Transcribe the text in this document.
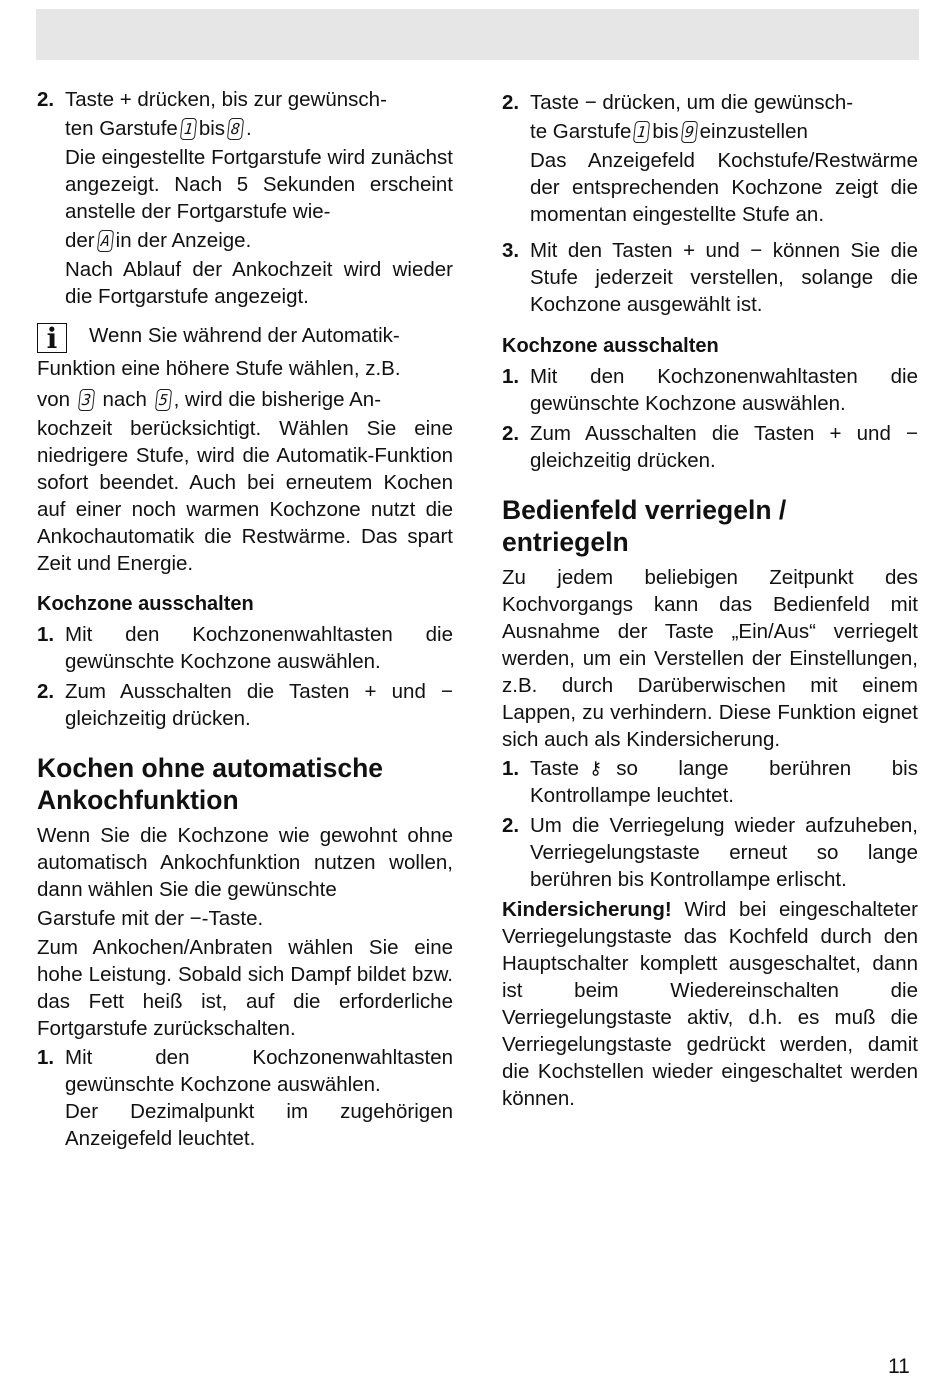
2. Taste + drücken, bis zur gewünsch-
ten Garstufe 1 bis 8 .

Die eingestellte Fortgarstufe wird zunächst angezeigt. Nach 5 Sekunden erscheint anstelle der Fortgarstufe wie-

der A in der Anzeige.

Nach Ablauf der Ankochzeit wird wieder die Fortgarstufe angezeigt.

i Wenn Sie während der Automatik-
Funktion eine höhere Stufe wählen, z.B.
von 3 nach 5 , wird die bisherige An-

kochzeit berücksichtigt. Wählen Sie eine niedrigere Stufe, wird die Automatik-Funktion sofort beendet. Auch bei erneutem Kochen auf einer noch warmen Kochzone nutzt die Ankochautomatik die Restwärme. Das spart Zeit und Energie.

Kochzone ausschalten
1. Mit den Kochzonenwahltasten die gewünschte Kochzone auswählen.

2. Zum Ausschalten die Tasten + und − gleichzeitig drücken.

Kochen ohne automatische Ankochfunktion

Wenn Sie die Kochzone wie gewohnt ohne automatisch Ankochfunktion nutzen wollen, dann wählen Sie die gewünschte

Garstufe mit der −-Taste.

Zum Ankochen/Anbraten wählen Sie eine hohe Leistung. Sobald sich Dampf bildet bzw. das Fett heiß ist, auf die erforderliche Fortgarstufe zurückschalten.

1. Mit den Kochzonenwahltasten gewünschte Kochzone auswählen.

Der Dezimalpunkt im zugehörigen Anzeigefeld leuchtet.

2. Taste − drücken, um die gewünsch-
te Garstufe 1 bis 9 einzustellen

Das Anzeigefeld Kochstufe/Restwärme der entsprechenden Kochzone zeigt die momentan eingestellte Stufe an.

3. Mit den Tasten + und − können Sie die Stufe jederzeit verstellen, solange die Kochzone ausgewählt ist.

Kochzone ausschalten
1. Mit den Kochzonenwahltasten die gewünschte Kochzone auswählen.

2. Zum Ausschalten die Tasten + und − gleichzeitig drücken.

Bedienfeld verriegeln / entriegeln

Zu jedem beliebigen Zeitpunkt des Kochvorgangs kann das Bedienfeld mit Ausnahme der Taste „Ein/Aus“ verriegelt werden, um ein Verstellen der Einstellungen, z.B. durch Darüberwischen mit einem Lappen, zu verhindern. Diese Funktion eignet sich auch als Kindersicherung.

1. Taste ⚷ so lange berühren bis Kontrollampe leuchtet.

2. Um die Verriegelung wieder aufzuheben, Verriegelungstaste erneut so lange berühren bis Kontrollampe erlischt.

Kindersicherung! Wird bei eingeschalteter Verriegelungstaste das Kochfeld durch den Hauptschalter komplett ausgeschaltet, dann ist beim Wiedereinschalten die Verriegelungstaste aktiv, d.h. es muß die Verriegelungstaste gedrückt werden, damit die Kochstellen wieder eingeschaltet werden können.

11
